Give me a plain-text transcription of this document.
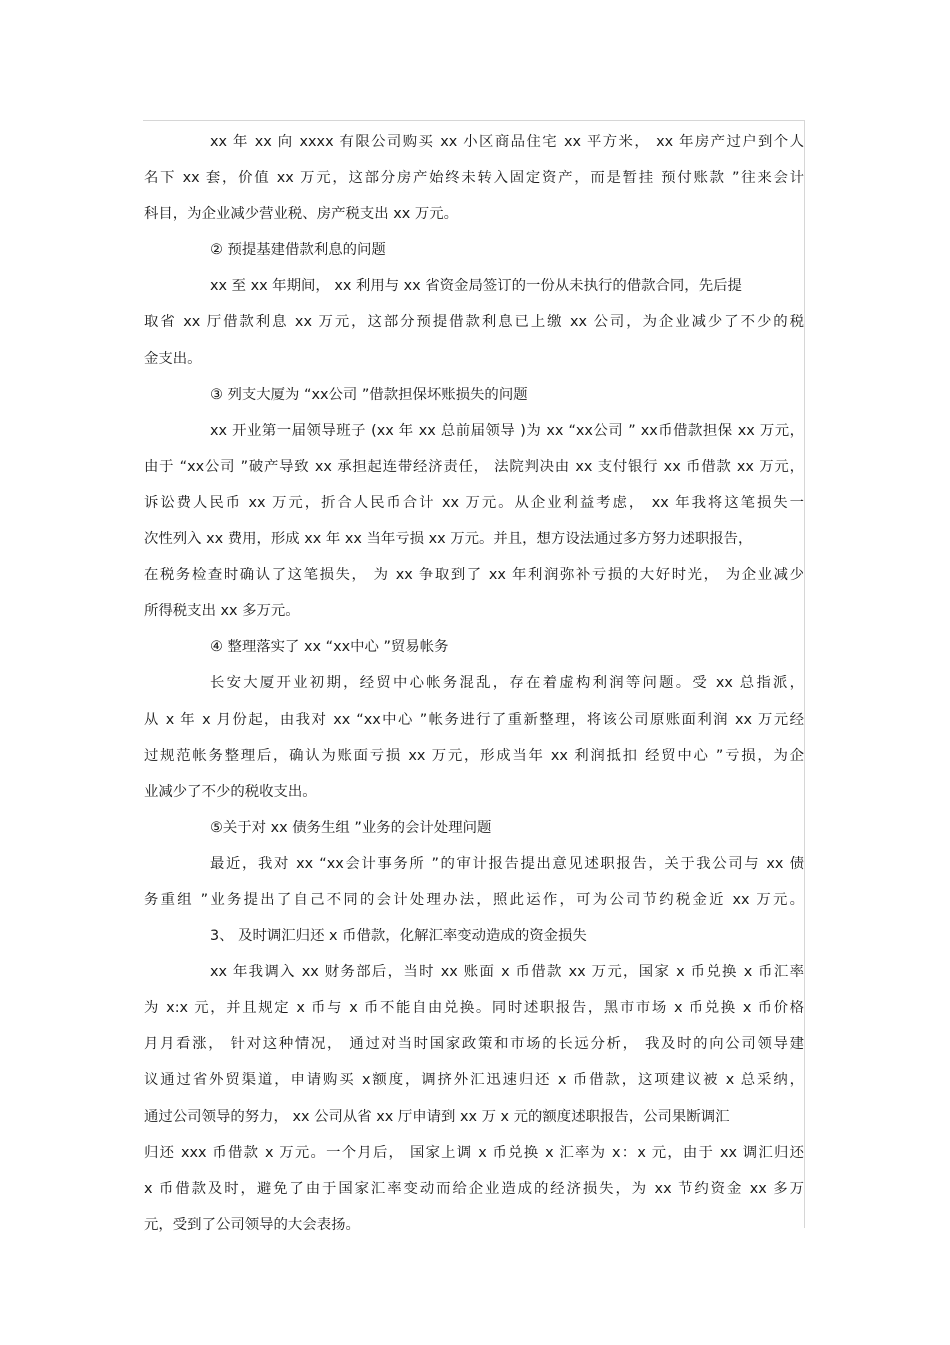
xx 年 xx 向 xxxx 有限公司购买 xx 小区商品住宅 xx 平方米， xx 年房产过户到个人
名下 xx 套，价值 xx 万元，这部分房产始终未转入固定资产，而是暂挂 预付账款 ”往来会计
科目，为企业减少营业税、房产税支出 xx 万元。
② 预提基建借款利息的问题
xx 至 xx 年期间， xx 利用与 xx 省资金局签订的一份从未执行的借款合同，先后提
取省 xx 厅借款利息 xx 万元，这部分预提借款利息已上缴 xx 公司，为企业减少了不少的税
金支出。
③ 列支大厦为 “xx公司 ”借款担保坏账损失的问题
xx 开业第一届领导班子 (xx 年 xx 总前届领导 )为 xx “xx公司 ” xx币借款担保 xx 万元，
由于 “xx公司 ”破产导致 xx 承担起连带经济责任， 法院判决由 xx 支付银行 xx 币借款 xx 万元，
诉讼费人民币 xx 万元，折合人民币合计 xx 万元。从企业利益考虑， xx 年我将这笔损失一
次性列入 xx 费用，形成 xx 年 xx 当年亏损 xx 万元。并且，想方设法通过多方努力述职报告，
在税务检查时确认了这笔损失， 为 xx 争取到了 xx 年利润弥补亏损的大好时光， 为企业减少
所得税支出 xx 多万元。
④ 整理落实了 xx “xx中心 ”贸易帐务
长安大厦开业初期，经贸中心帐务混乱，存在着虚构利润等问题。受 xx 总指派，
从 x 年 x 月份起，由我对 xx “xx中心 ”帐务进行了重新整理，将该公司原账面利润 xx 万元经
过规范帐务整理后，确认为账面亏损 xx 万元，形成当年 xx 利润抵扣 经贸中心 ”亏损，为企
业减少了不少的税收支出。
⑤关于对 xx 债务生组 ”业务的会计处理问题
最近，我对 xx “xx会计事务所 ”的审计报告提出意见述职报告，关于我公司与 xx 债
务重组 ”业务提出了自己不同的会计处理办法，照此运作，可为公司节约税金近 xx 万元。
3、 及时调汇归还 x 币借款，化解汇率变动造成的资金损失
xx 年我调入 xx 财务部后，当时 xx 账面 x 币借款 xx 万元，国家 x 币兑换 x 币汇率
为 x:x 元，并且规定 x 币与 x 币不能自由兑换。同时述职报告，黑市市场 x 币兑换 x 币价格
月月看涨， 针对这种情况， 通过对当时国家政策和市场的长远分析， 我及时的向公司领导建
议通过省外贸渠道，申请购买 x额度，调挤外汇迅速归还 x 币借款，这项建议被 x 总采纳，
通过公司领导的努力， xx 公司从省 xx 厅申请到 xx 万 x 元的额度述职报告，公司果断调汇
归还 xxx 币借款 x 万元。一个月后， 国家上调 x 币兑换 x 汇率为 x：x 元，由于 xx 调汇归还
x 币借款及时，避免了由于国家汇率变动而给企业造成的经济损失，为 xx 节约资金 xx 多万
元，受到了公司领导的大会表扬。
